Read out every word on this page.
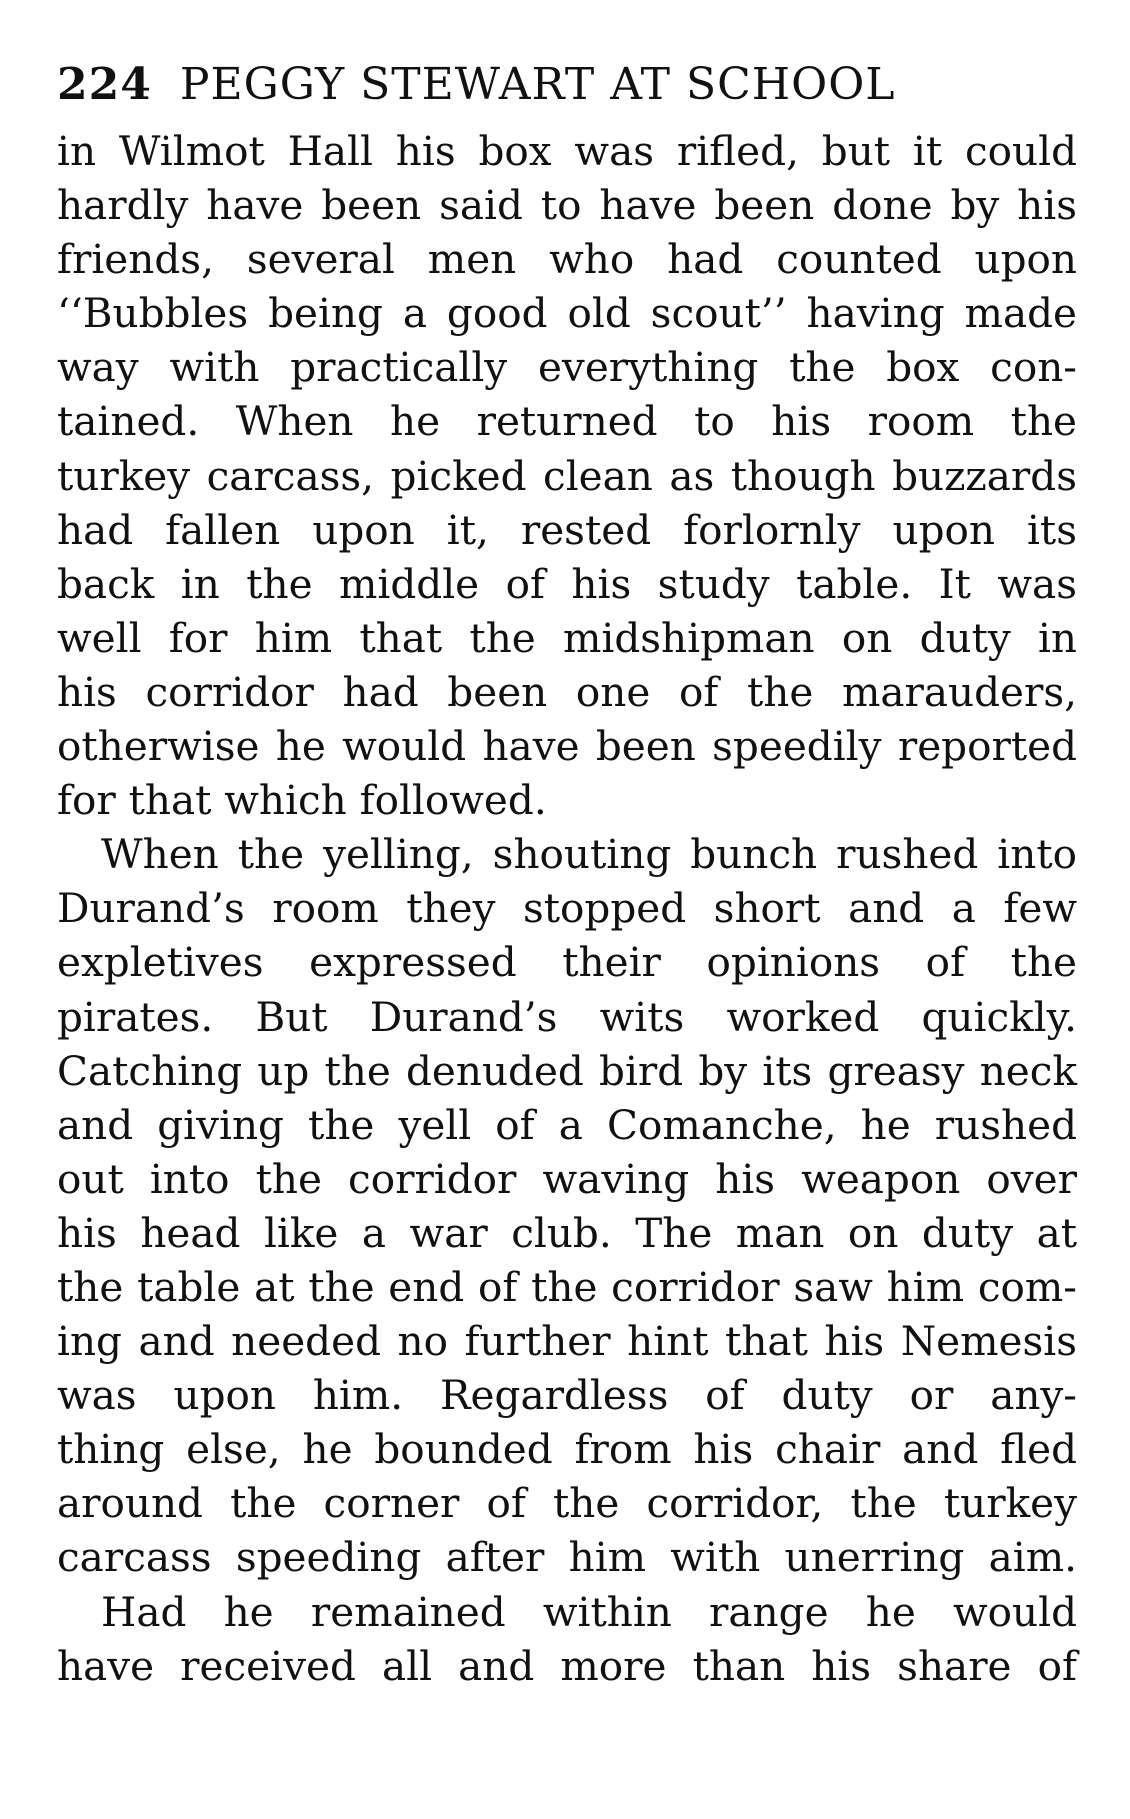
224 PEGGY STEWART AT SCHOOL
in Wilmot Hall his box was rifled, but it could
hardly have been said to have been done by his
friends, several men who had counted upon
‘‘Bubbles being a good old scout’’ having made
way with practically everything the box con-
tained. When he returned to his room the
turkey carcass, picked clean as though buzzards
had fallen upon it, rested forlornly upon its
back in the middle of his study table. It was
well for him that the midshipman on duty in
his corridor had been one of the marauders,
otherwise he would have been speedily reported
for that which followed.
When the yelling, shouting bunch rushed into
Durand’s room they stopped short and a few
expletives expressed their opinions of the
pirates. But Durand’s wits worked quickly.
Catching up the denuded bird by its greasy neck
and giving the yell of a Comanche, he rushed
out into the corridor waving his weapon over
his head like a war club. The man on duty at
the table at the end of the corridor saw him com-
ing and needed no further hint that his Nemesis
was upon him. Regardless of duty or any-
thing else, he bounded from his chair and fled
around the corner of the corridor, the turkey
carcass speeding after him with unerring aim.
Had he remained within range he would
have received all and more than his share of
